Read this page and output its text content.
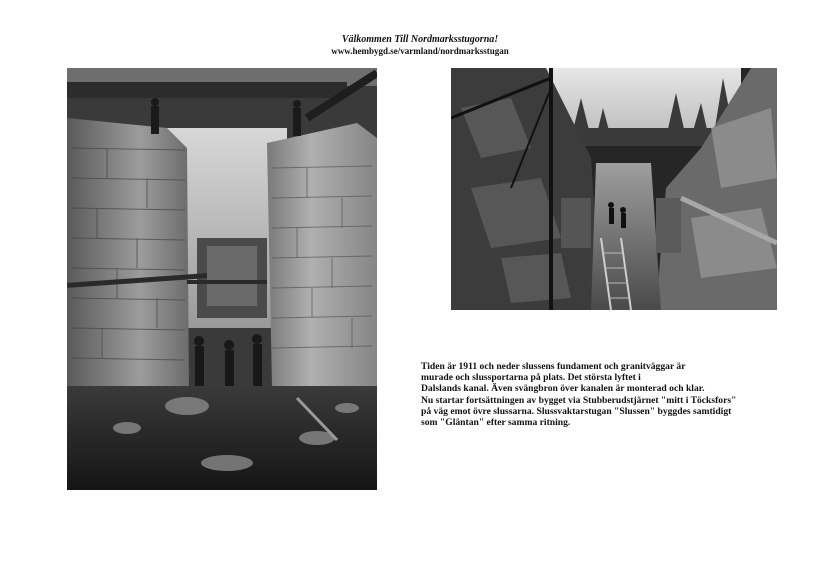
Välkommen Till Nordmarksstugorna!
www.hembygd.se/varmland/nordmarksstugan
Tiden är 1911 och neder slussens fundament och granitväggar är
murade och slussportarna på plats. Det största lyftet i
Dalslands kanal. Även svängbron över kanalen är monterad och klar.
Nu startar fortsättningen av bygget via Stubberudstjärnet "mitt i Töcksfors"
på väg emot övre slussarna. Slussvaktarstugan "Slussen" byggdes samtidigt
som "Gläntan" efter samma ritning.
